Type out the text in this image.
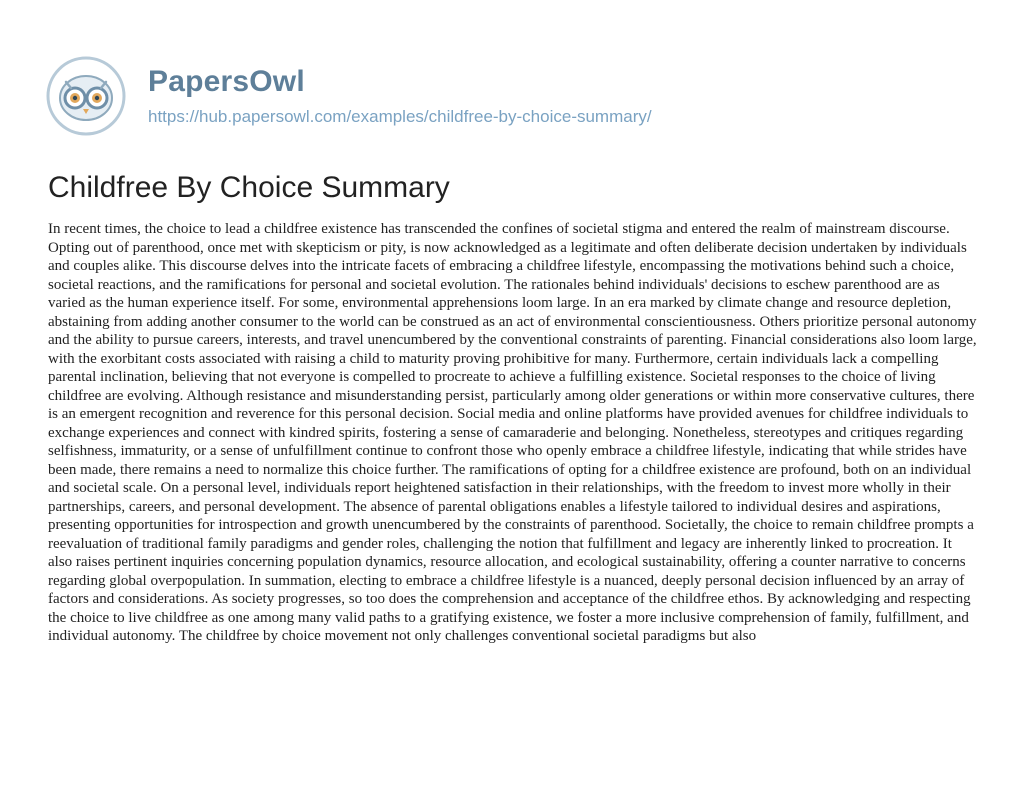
PapersOwl
https://hub.papersowl.com/examples/childfree-by-choice-summary/
Childfree By Choice Summary

In recent times, the choice to lead a childfree existence has transcended the confines of societal stigma and entered the realm of mainstream discourse. Opting out of parenthood, once met with skepticism or pity, is now acknowledged as a legitimate and often deliberate decision undertaken by individuals and couples alike. This discourse delves into the intricate facets of embracing a childfree lifestyle, encompassing the motivations behind such a choice, societal reactions, and the ramifications for personal and societal evolution. The rationales behind individuals' decisions to eschew parenthood are as varied as the human experience itself. For some, environmental apprehensions loom large. In an era marked by climate change and resource depletion, abstaining from adding another consumer to the world can be construed as an act of environmental conscientiousness. Others prioritize personal autonomy and the ability to pursue careers, interests, and travel unencumbered by the conventional constraints of parenting. Financial considerations also loom large, with the exorbitant costs associated with raising a child to maturity proving prohibitive for many. Furthermore, certain individuals lack a compelling parental inclination, believing that not everyone is compelled to procreate to achieve a fulfilling existence. Societal responses to the choice of living childfree are evolving. Although resistance and misunderstanding persist, particularly among older generations or within more conservative cultures, there is an emergent recognition and reverence for this personal decision. Social media and online platforms have provided avenues for childfree individuals to exchange experiences and connect with kindred spirits, fostering a sense of camaraderie and belonging. Nonetheless, stereotypes and critiques regarding selfishness, immaturity, or a sense of unfulfillment continue to confront those who openly embrace a childfree lifestyle, indicating that while strides have been made, there remains a need to normalize this choice further. The ramifications of opting for a childfree existence are profound, both on an individual and societal scale. On a personal level, individuals report heightened satisfaction in their relationships, with the freedom to invest more wholly in their partnerships, careers, and personal development. The absence of parental obligations enables a lifestyle tailored to individual desires and aspirations, presenting opportunities for introspection and growth unencumbered by the constraints of parenthood. Societally, the choice to remain childfree prompts a reevaluation of traditional family paradigms and gender roles, challenging the notion that fulfillment and legacy are inherently linked to procreation. It also raises pertinent inquiries concerning population dynamics, resource allocation, and ecological sustainability, offering a counter narrative to concerns regarding global overpopulation. In summation, electing to embrace a childfree lifestyle is a nuanced, deeply personal decision influenced by an array of factors and considerations. As society progresses, so too does the comprehension and acceptance of the childfree ethos. By acknowledging and respecting the choice to live childfree as one among many valid paths to a gratifying existence, we foster a more inclusive comprehension of family, fulfillment, and individual autonomy. The childfree by choice movement not only challenges conventional societal paradigms but also
